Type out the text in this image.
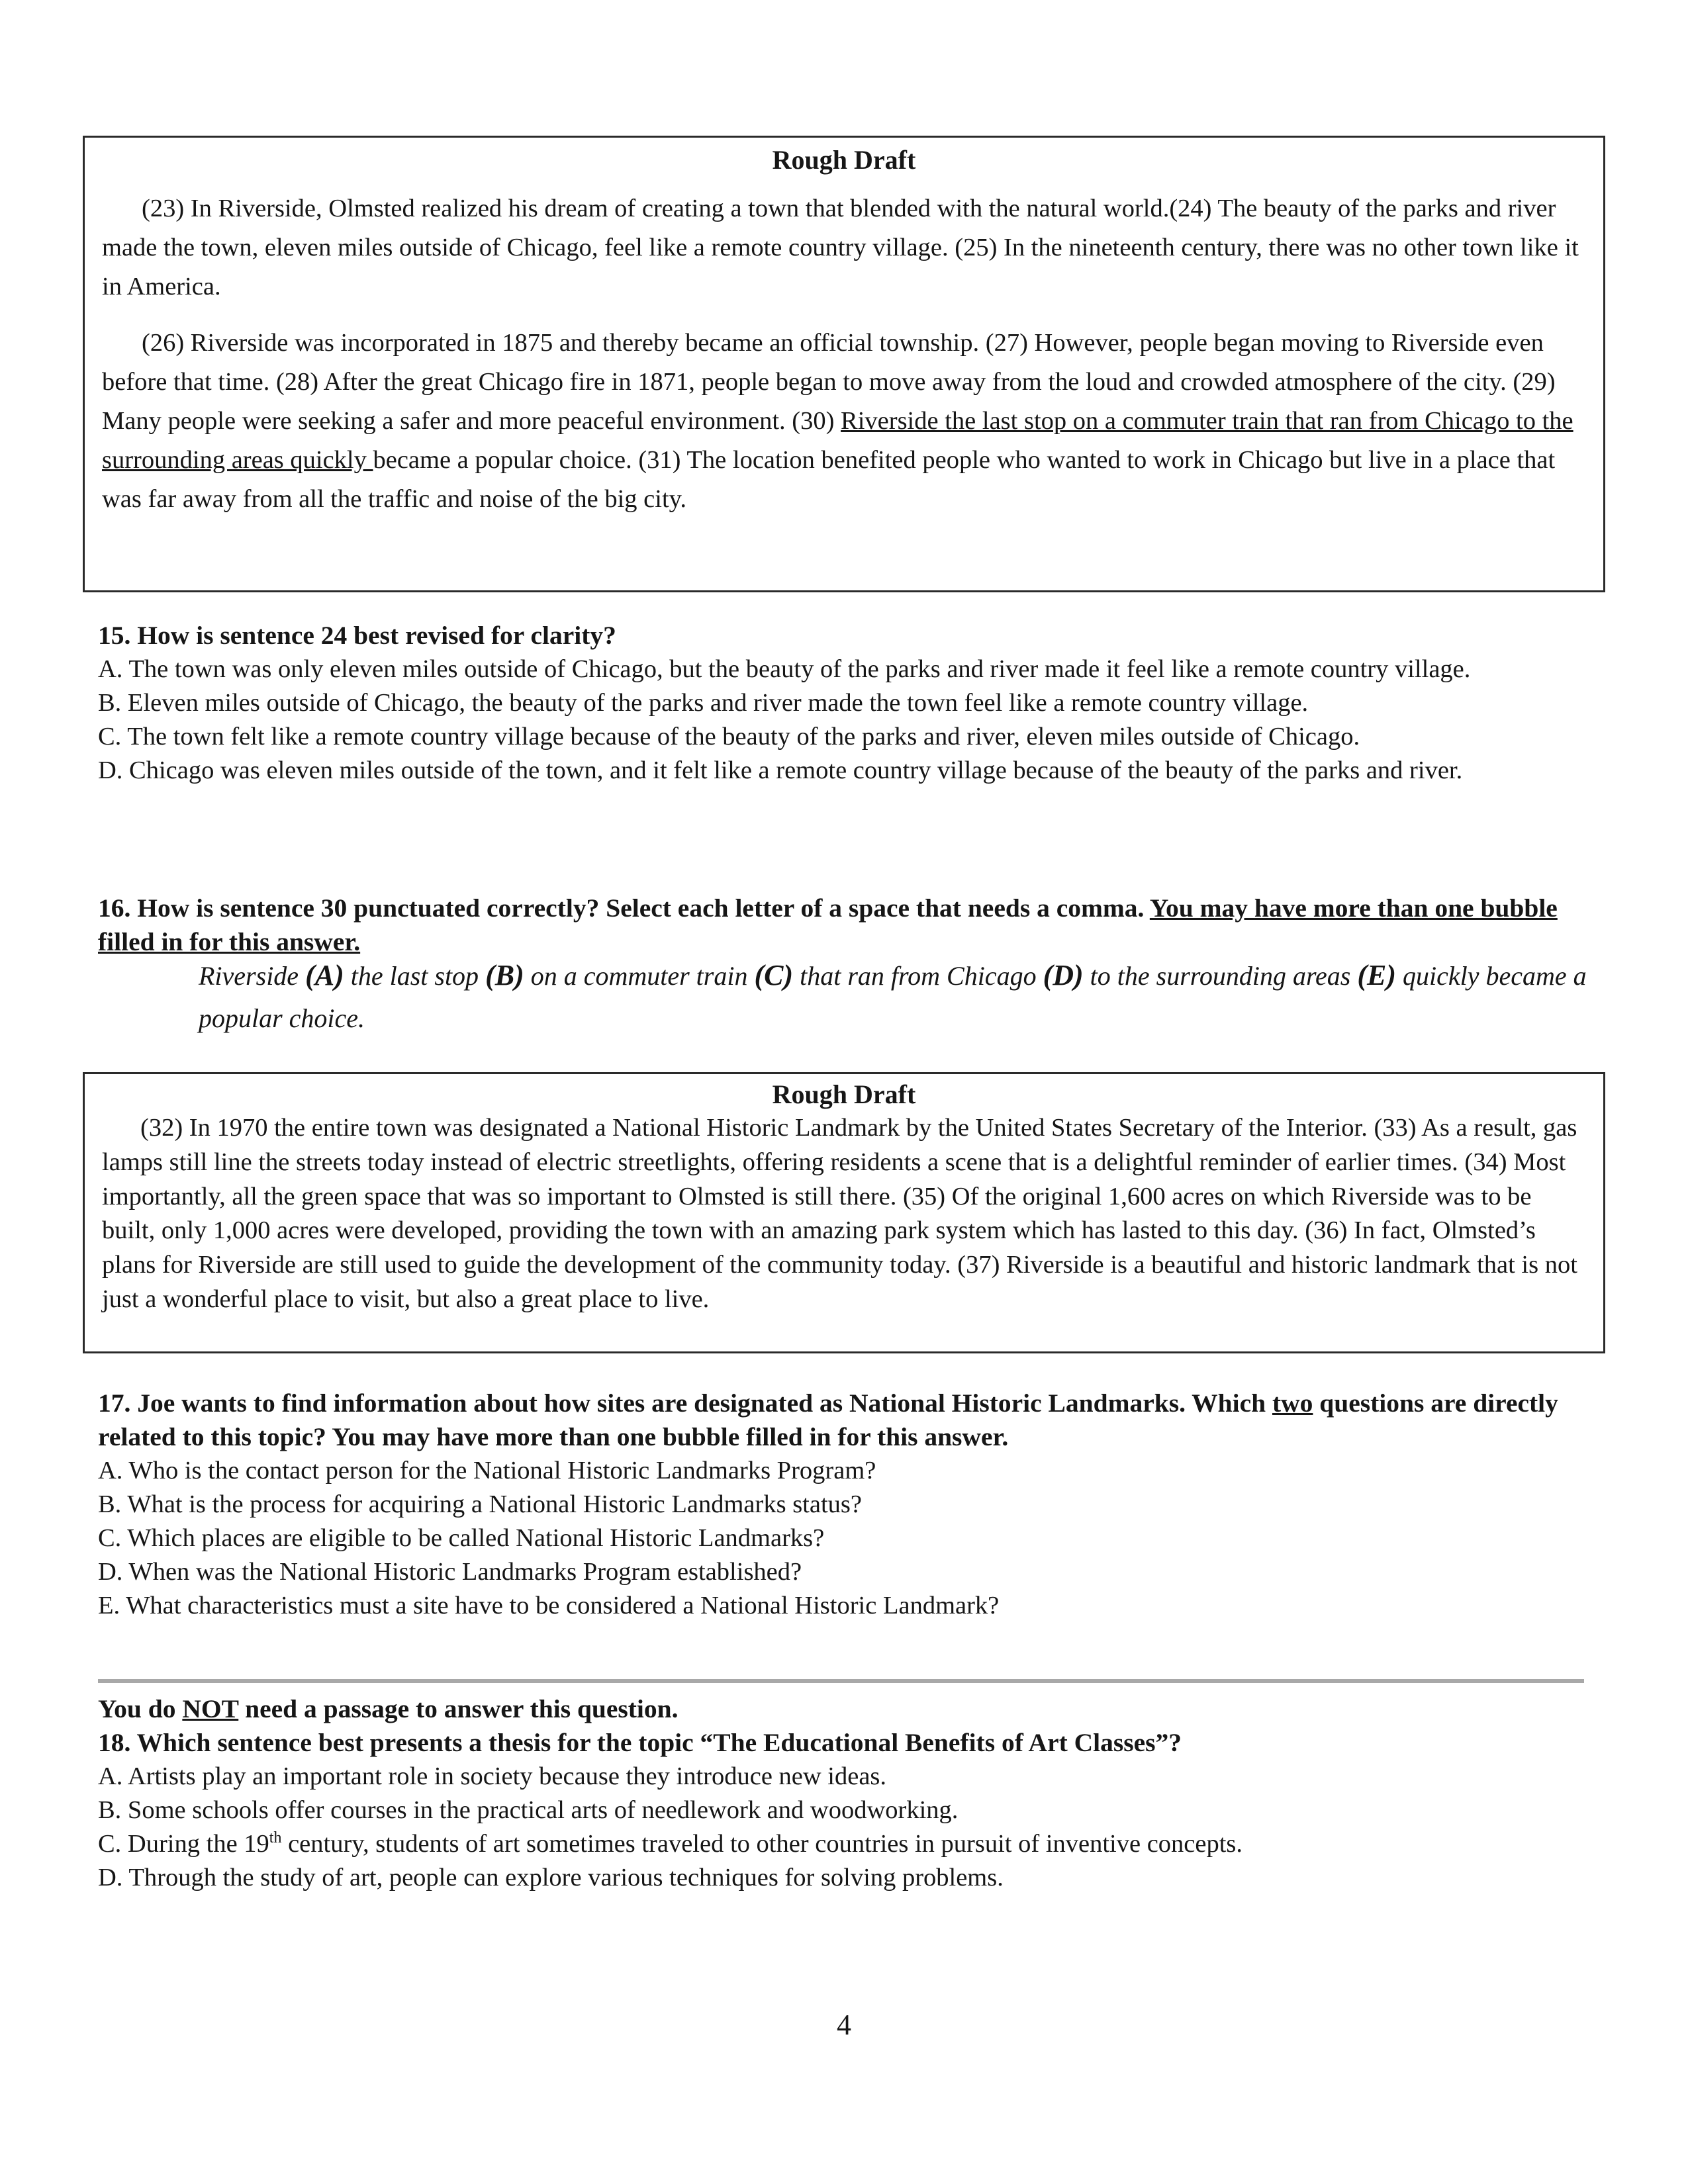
Rough Draft

(23) In Riverside, Olmsted realized his dream of creating a town that blended with the natural world.(24) The beauty of the parks and river made the town, eleven miles outside of Chicago, feel like a remote country village. (25) In the nineteenth century, there was no other town like it in America.

(26) Riverside was incorporated in 1875 and thereby became an official township. (27) However, people began moving to Riverside even before that time. (28) After the great Chicago fire in 1871, people began to move away from the loud and crowded atmosphere of the city. (29) Many people were seeking a safer and more peaceful environment. (30) Riverside the last stop on a commuter train that ran from Chicago to the surrounding areas quickly became a popular choice. (31) The location benefited people who wanted to work in Chicago but live in a place that was far away from all the traffic and noise of the big city.

15. How is sentence 24 best revised for clarity?

A. The town was only eleven miles outside of Chicago, but the beauty of the parks and river made it feel like a remote country village.

B. Eleven miles outside of Chicago, the beauty of the parks and river made the town feel like a remote country village.

C. The town felt like a remote country village because of the beauty of the parks and river, eleven miles outside of Chicago.

D. Chicago was eleven miles outside of the town, and it felt like a remote country village because of the beauty of the parks and river.

16. How is sentence 30 punctuated correctly? Select each letter of a space that needs a comma. You may have more than one bubble filled in for this answer.

Riverside (A) the last stop (B) on a commuter train (C) that ran from Chicago (D) to the surrounding areas (E) quickly became a popular choice.

Rough Draft

(32) In 1970 the entire town was designated a National Historic Landmark by the United States Secretary of the Interior. (33) As a result, gas lamps still line the streets today instead of electric streetlights, offering residents a scene that is a delightful reminder of earlier times. (34) Most importantly, all the green space that was so important to Olmsted is still there. (35) Of the original 1,600 acres on which Riverside was to be built, only 1,000 acres were developed, providing the town with an amazing park system which has lasted to this day. (36) In fact, Olmsted’s plans for Riverside are still used to guide the development of the community today. (37) Riverside is a beautiful and historic landmark that is not just a wonderful place to visit, but also a great place to live.

17. Joe wants to find information about how sites are designated as National Historic Landmarks. Which two questions are directly related to this topic? You may have more than one bubble filled in for this answer.

A. Who is the contact person for the National Historic Landmarks Program?

B. What is the process for acquiring a National Historic Landmarks status?

C. Which places are eligible to be called National Historic Landmarks?

D. When was the National Historic Landmarks Program established?

E. What characteristics must a site have to be considered a National Historic Landmark?

You do NOT need a passage to answer this question.

18. Which sentence best presents a thesis for the topic “The Educational Benefits of Art Classes”?

A. Artists play an important role in society because they introduce new ideas.

B. Some schools offer courses in the practical arts of needlework and woodworking.

C. During the 19th century, students of art sometimes traveled to other countries in pursuit of inventive concepts.

D. Through the study of art, people can explore various techniques for solving problems.

4
